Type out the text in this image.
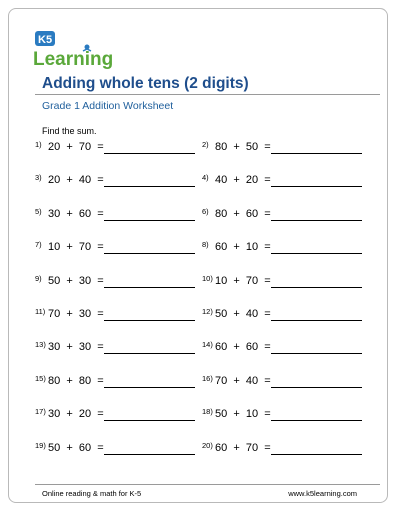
K 5
Learning
Adding whole tens (2 digits)
Grade 1 Addition Worksheet
Find the sum.
1) 20  +  70  =	2) 80  +  50  =
3) 20  +  40  =	4) 40  +  20  =
5) 30  +  60  =	6) 80  +  60  =
7) 10  +  70  =	8) 60  +  10  =
9) 50  +  30  =	10) 10  +  70  =
11) 70  +  30  =	12) 50  +  40  =
13) 30  +  30  =	14) 60  +  60  =
15) 80  +  80  =	16) 70  +  40  =
17) 30  +  20  =	18) 50  +  10  =
19) 50  +  60  =	20) 60  +  70  =
Online reading & math for K-5	www.k5learning.com
